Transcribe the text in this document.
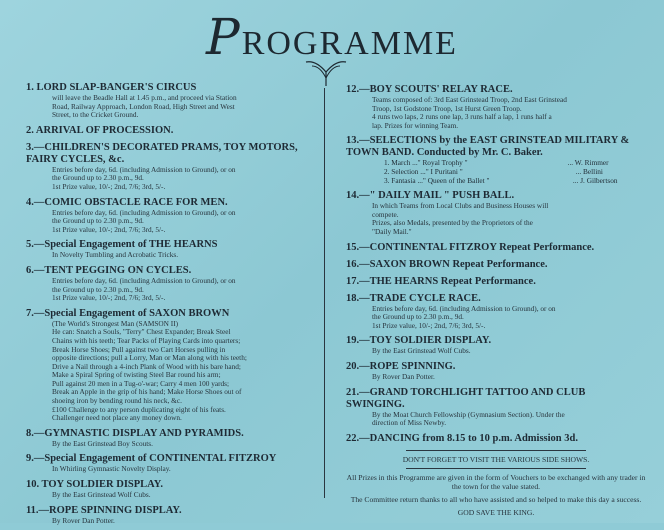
PROGRAMME
1. LORD SLAP-BANGER'S CIRCUS
will leave the Beadle Hall at 1.45 p.m., and proceed via Station
Road, Railway Approach, London Road, High Street and West
Street, to the Cricket Ground.
2. ARRIVAL OF PROCESSION.
3.—CHILDREN'S DECORATED PRAMS, TOY MOTORS, FAIRY CYCLES, &c.
Entries before day, 6d. (including Admission to Ground), or on
the Ground up to 2.30 p.m., 9d.
1st Prize value, 10/-; 2nd, 7/6; 3rd, 5/-.
4.—COMIC OBSTACLE RACE FOR MEN.
Entries before day, 6d. (including Admission to Ground), or on
the Ground up to 2.30 p.m., 9d.
1st Prize value, 10/-; 2nd, 7/6; 3rd, 5/-.
5.—Special Engagement of THE HEARNS
In Novelty Tumbling and Acrobatic Tricks.
6.—TENT PEGGING ON CYCLES.
Entries before day, 6d. (including Admission to Ground), or on
the Ground up to 2.30 p.m., 9d.
1st Prize value, 10/-; 2nd, 7/6; 3rd, 5/-.
7.—Special Engagement of SAXON BROWN
(The World's Strongest Man (SAMSON II)
He can: Snatch a Souls, "Terry" Chest Expander; Break Steel
Chains with his teeth; Tear Packs of Playing Cards into quarters;
Break Horse Shoes; Pull against two Cart Horses pulling in
opposite directions; pull a Lorry, Man or Man along with his teeth;
Drive a Nail through a 4-inch Plank of Wood with his bare hand;
Make a Spiral Spring of twisting Steel Bar round his arm;
Pull against 20 men in a Tug-o'-war; Carry 4 men 100 yards;
Break an Apple in the grip of his hand; Make Horse Shoes out of
shoeing iron by bending round his neck, &c.
£100 Challenge to any person duplicating eight of his feats.
Challenger need not place any money down.
8.—GYMNASTIC DISPLAY AND PYRAMIDS.
By the East Grinstead Boy Scouts.
9.—Special Engagement of CONTINENTAL FITZROY
In Whirling Gymnastic Novelty Display.
10. TOY SOLDIER DISPLAY.
By the East Grinstead Wolf Cubs.
11.—ROPE SPINNING DISPLAY.
By Rover Dan Potter.
12.—BOY SCOUTS' RELAY RACE.
Teams composed of: 3rd East Grinstead Troop, 2nd East Grinstead
Troop, 1st Godstone Troop, 1st Hurst Green Troop.
4 runs two laps, 2 runs one lap, 3 runs half a lap, 1 runs half a
lap. Prizes for winning Team.
13.—SELECTIONS by the EAST GRINSTEAD MILITARY & TOWN BAND. Conducted by Mr. C. Baker.
1. March ... " Royal Trophy "	... W. Rimmer
2. Selection ... " I Puritani "	... Bellini
3. Fantasia ... " Queen of the Ballet "	... J. Gilbertson
14.—" DAILY MAIL " PUSH BALL.
In which Teams from Local Clubs and Business Houses will
compete.
Prizes, also Medals, presented by the Proprietors of the
"Daily Mail."
15.—CONTINENTAL FITZROY Repeat Performance.
16.—SAXON BROWN Repeat Performance.
17.—THE HEARNS Repeat Performance.
18.—TRADE CYCLE RACE.
Entries before day, 6d. (including Admission to Ground), or on
the Ground up to 2.30 p.m., 9d.
1st Prize value, 10/-; 2nd, 7/6; 3rd, 5/-.
19.—TOY SOLDIER DISPLAY.
By the East Grinstead Wolf Cubs.
20.—ROPE SPINNING.
By Rover Dan Potter.
21.—GRAND TORCHLIGHT TATTOO AND CLUB SWINGING.
By the Moat Church Fellowship (Gymnasium Section). Under the
direction of Miss Newby.
22.—DANCING from 8.15 to 10 p.m. Admission 3d.
DON'T FORGET TO VISIT THE VARIOUS SIDE SHOWS.
All Prizes in this Programme are given in the form of Vouchers to be exchanged with any trader in the town for the value stated.
The Committee return thanks to all who have assisted and so helped to make this day a success.
GOD SAVE THE KING.
